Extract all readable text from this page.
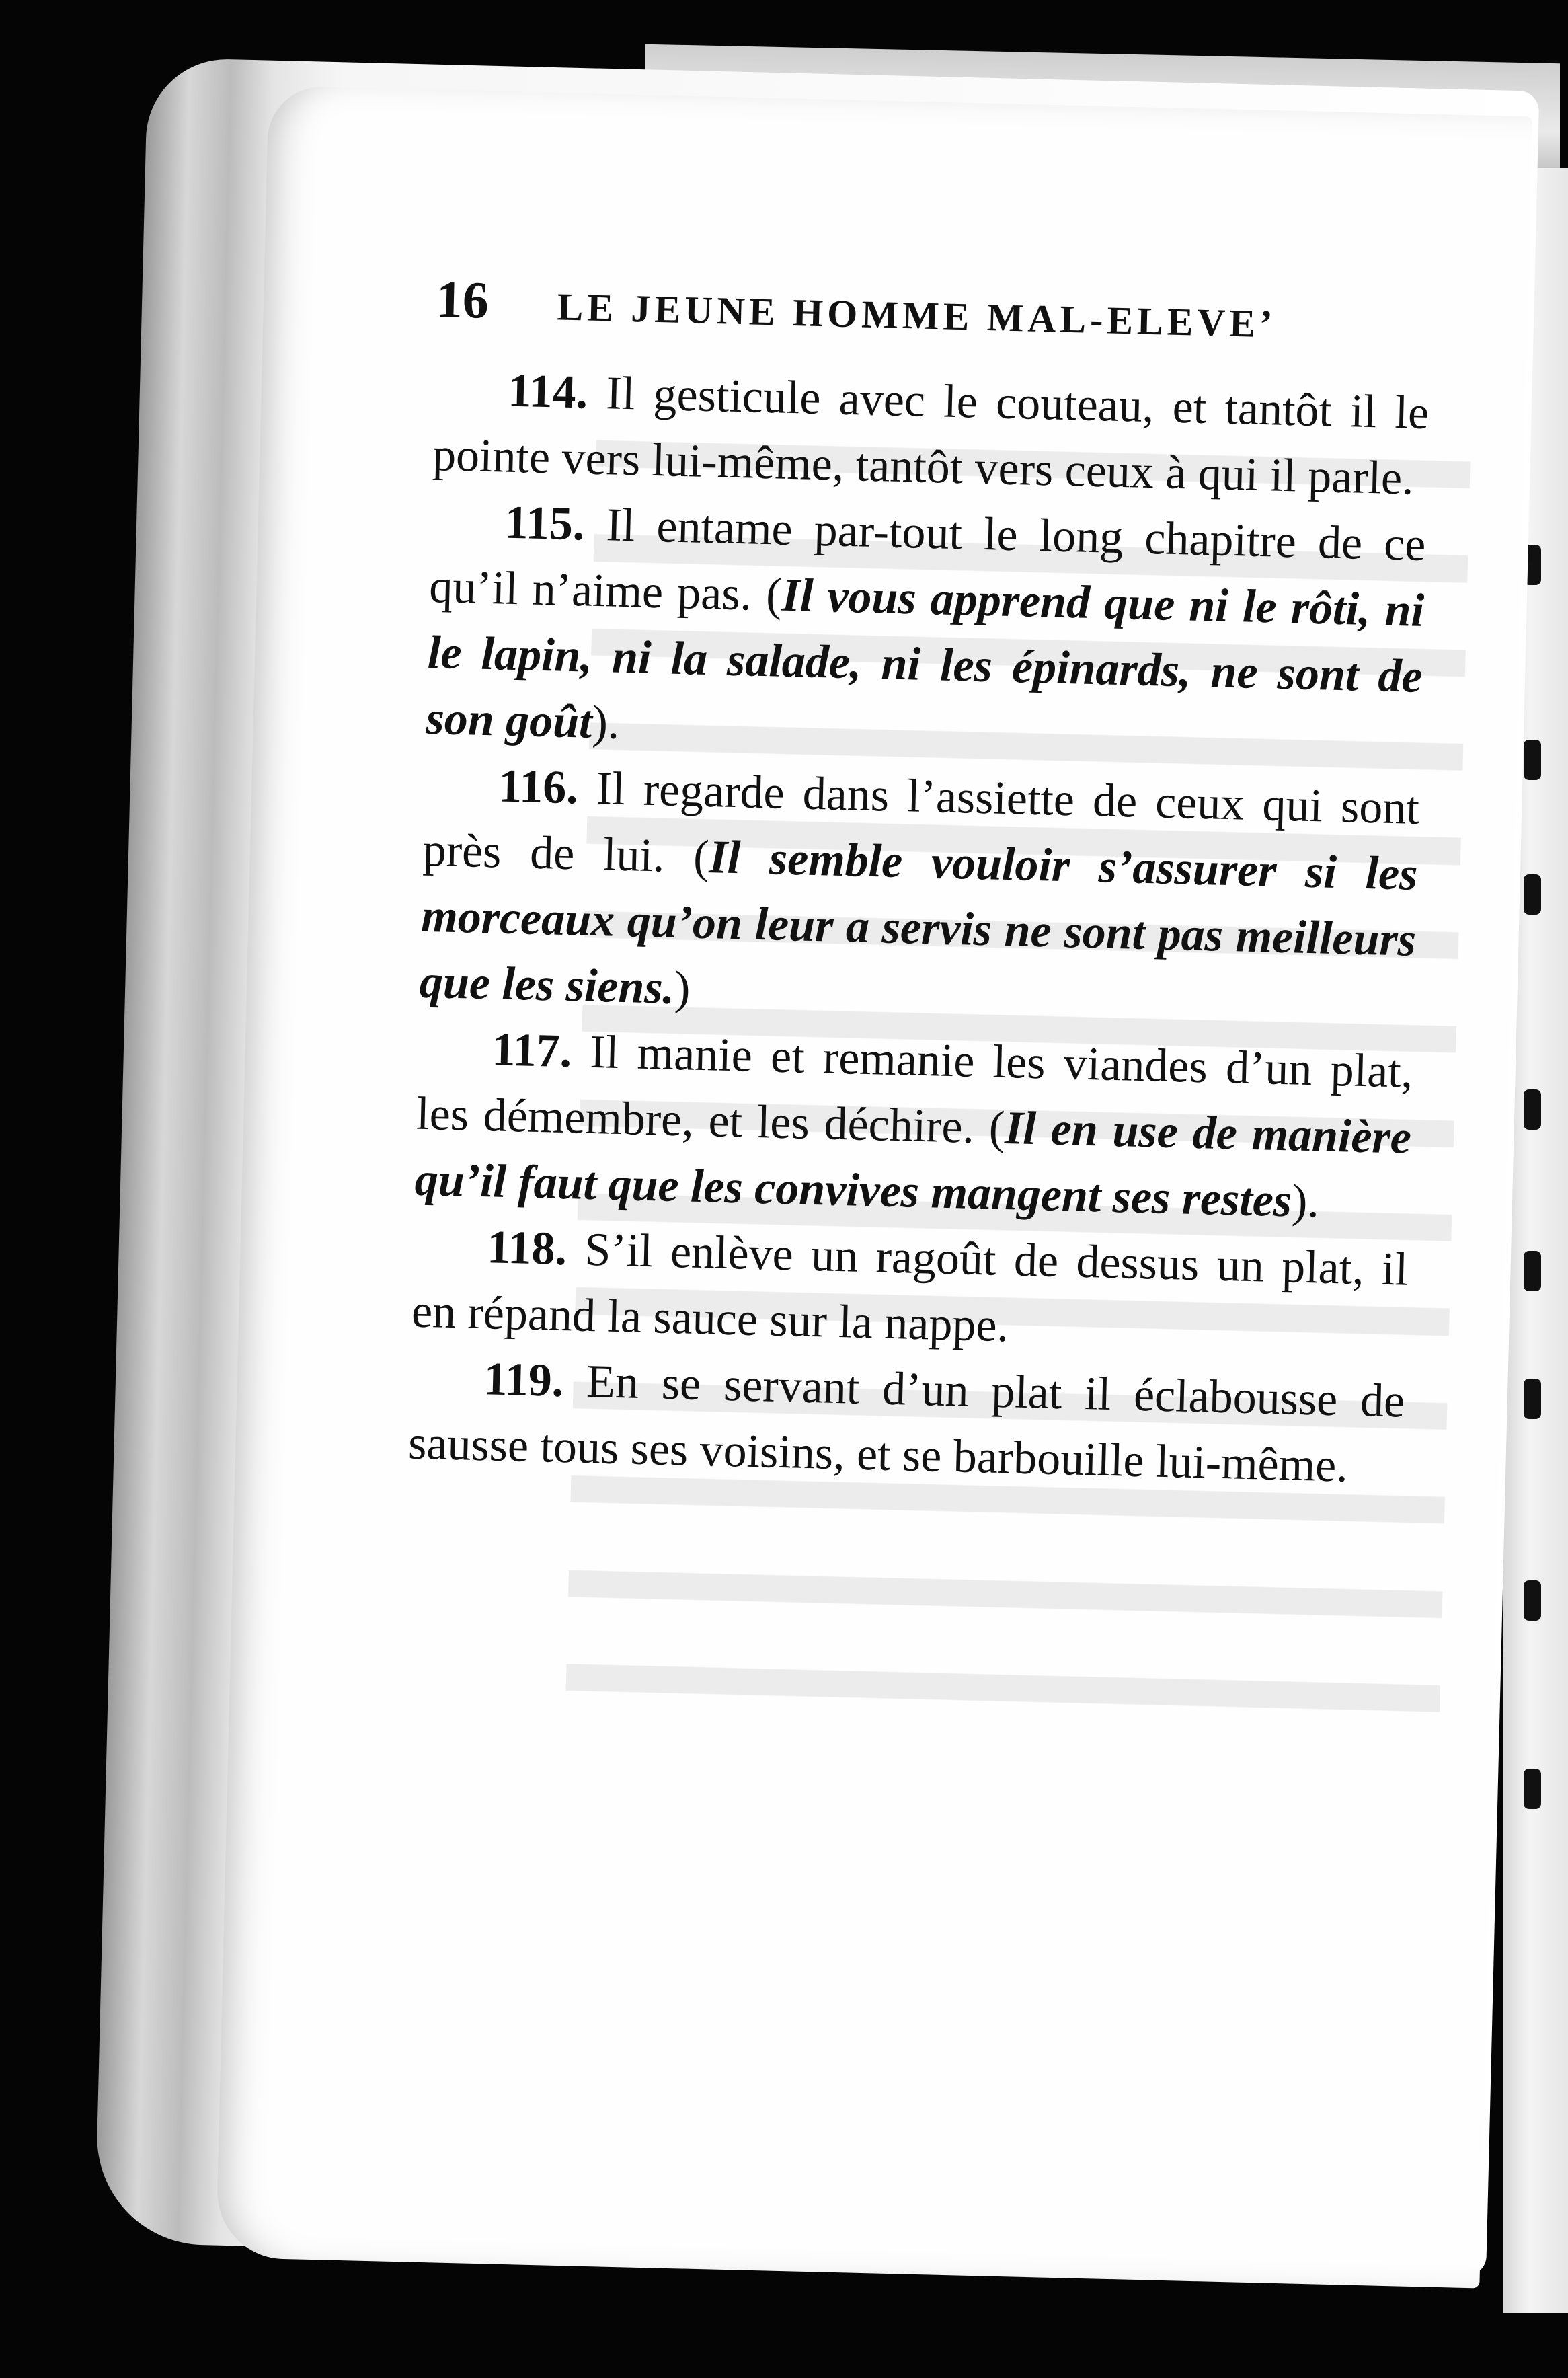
16	LE JEUNE HOMME MAL-ELEVE’

114. Il gesticule avec le couteau, et tantôt il le pointe vers lui-même, tantôt vers ceux à qui il parle.

115. Il entame par-tout le long chapitre de ce qu’il n’aime pas. (Il vous apprend que ni le rôti, ni le lapin, ni la salade, ni les épinards, ne sont de son goût).

116. Il regarde dans l’assiette de ceux qui sont près de lui. (Il semble vouloir s’assurer si les morceaux qu’on leur a servis ne sont pas meilleurs que les siens.)

117. Il manie et remanie les viandes d’un plat, les démembre, et les déchire. (Il en use de manière qu’il faut que les convives mangent ses restes).

118. S’il enlève un ragoût de dessus un plat, il en répand la sauce sur la nappe.

119. En se servant d’un plat il éclabousse de sausse tous ses voisins, et se barbouille lui-même.
